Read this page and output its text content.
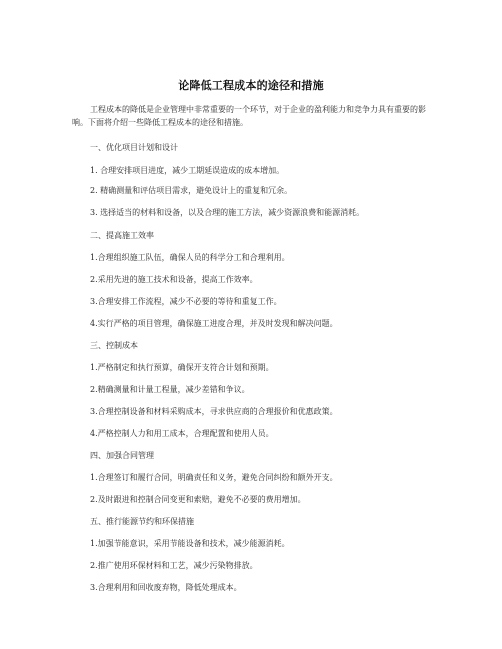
论降低工程成本的途径和措施

工程成本的降低是企业管理中非常重要的一个环节，对于企业的盈利能力和竞争力具有重要的影响。下面将介绍一些降低工程成本的途径和措施。

一、优化项目计划和设计

1. 合理安排项目进度，减少工期延误造成的成本增加。

2. 精确测量和评估项目需求，避免设计上的重复和冗余。

3. 选择适当的材料和设备，以及合理的施工方法，减少资源浪费和能源消耗。

二、提高施工效率

1.合理组织施工队伍，确保人员的科学分工和合理利用。

2.采用先进的施工技术和设备，提高工作效率。

3.合理安排工作流程，减少不必要的等待和重复工作。

4.实行严格的项目管理，确保施工进度合理，并及时发现和解决问题。

三、控制成本

1.严格制定和执行预算，确保开支符合计划和预期。

2.精确测量和计量工程量，减少差错和争议。

3.合理控制设备和材料采购成本，寻求供应商的合理报价和优惠政策。

4.严格控制人力和用工成本，合理配置和使用人员。

四、加强合同管理

1.合理签订和履行合同，明确责任和义务，避免合同纠纷和额外开支。

2.及时跟进和控制合同变更和索赔，避免不必要的费用增加。

五、推行能源节约和环保措施

1.加强节能意识，采用节能设备和技术，减少能源消耗。

2.推广使用环保材料和工艺，减少污染物排放。

3.合理利用和回收废弃物，降低处理成本。
